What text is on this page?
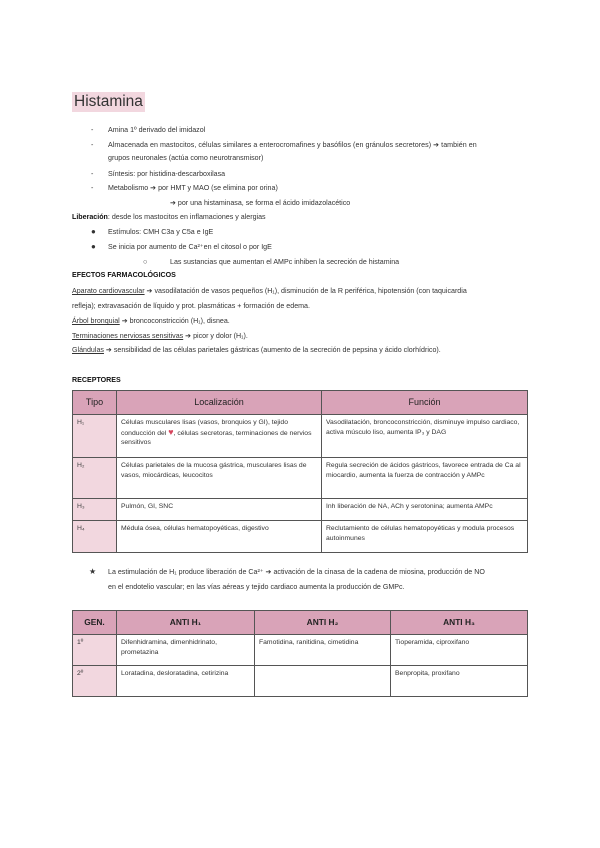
Histamina
- Amina 1º derivado del imidazol
- Almacenada en mastocitos, células similares a enterocromafines y basófilos (en gránulos secretores) ➔ también en
grupos neuronales (actúa como neurotransmisor)
- Síntesis: por histidina-descarboxilasa
- Metabolismo ➔ por HMT y MAO (se elimina por orina)
➔ por una histaminasa, se forma el ácido imidazolacético
Liberación: desde los mastocitos en inflamaciones y alergias
● Estímulos: CMH C3a y C5a e IgE
● Se inicia por aumento de Ca²⁺en el citosol o por IgE
○	Las sustancias que aumentan el AMPc inhiben la secreción de histamina
EFECTOS FARMACOLÓGICOS
Aparato cardiovascular ➔ vasodilatación de vasos pequeños (H₁), disminución de la R periférica, hipotensión (con taquicardia
refleja); extravasación de líquido y prot. plasmáticas + formación de edema.
Árbol bronquial ➔ broncoconstricción (H₁), disnea.
Terminaciones nerviosas sensitivas ➔ picor y dolor (H₁).
Glándulas ➔ sensibilidad de las células parietales gástricas (aumento de la secreción de pepsina y ácido clorhídrico).
RECEPTORES
Tipo	Localización	Función
H₁	Células musculares lisas (vasos, bronquios y GI), tejido conducción del ♥, células secretoras, terminaciones de nervios sensitivos	Vasodilatación, broncoconstricción, disminuye impulso cardiaco, activa músculo liso, aumenta IP₃ y DAG
H₂	Células parietales de la mucosa gástrica, musculares lisas de vasos, miocárdicas, leucocitos	Regula secreción de ácidos gástricos, favorece entrada de Ca al miocardio, aumenta la fuerza de contracción y AMPc
H₃	Pulmón, GI, SNC	Inh liberación de NA, ACh y serotonina; aumenta AMPc
H₄	Médula ósea, células hematopoyéticas, digestivo	Reclutamiento de células hematopoyéticas y modula procesos autoinmunes
★ La estimulación de H₁ produce liberación de Ca²⁺ ➔ activación de la cinasa de la cadena de miosina, producción de NO
en el endotelio vascular; en las vías aéreas y tejido cardiaco aumenta la producción de GMPc.
GEN.	ANTI H₁	ANTI H₂	ANTI H₃
1º	Difenhidramina, dimenhidrinato, prometazina	Famotidina, ranitidina, cimetidina	Tioperamida, ciproxifano
2º	Loratadina, desloratadina, cetirizina		Benpropita, proxifano
